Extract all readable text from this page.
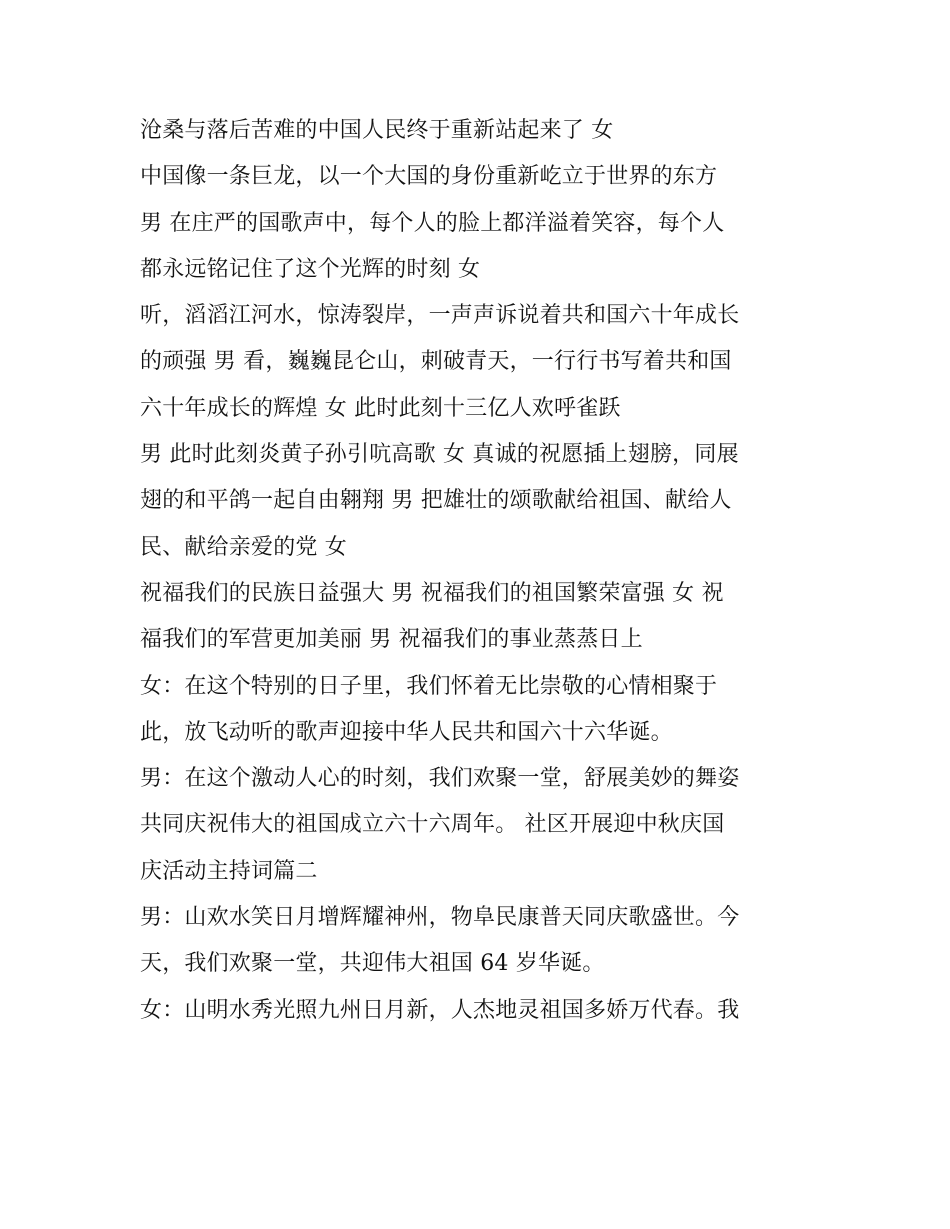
沧桑与落后苦难的中国人民终于重新站起来了 女
中国像一条巨龙，以一个大国的身份重新屹立于世界的东方
男 在庄严的国歌声中，每个人的脸上都洋溢着笑容，每个人
都永远铭记住了这个光辉的时刻 女
听，滔滔江河水，惊涛裂岸，一声声诉说着共和国六十年成长
的顽强 男 看，巍巍昆仑山，刺破青天，一行行书写着共和国
六十年成长的辉煌 女 此时此刻十三亿人欢呼雀跃
男 此时此刻炎黄子孙引吭高歌 女 真诚的祝愿插上翅膀，同展
翅的和平鸽一起自由翱翔 男 把雄壮的颂歌献给祖国、献给人
民、献给亲爱的党 女
祝福我们的民族日益强大 男 祝福我们的祖国繁荣富强 女 祝
福我们的军营更加美丽 男 祝福我们的事业蒸蒸日上
女：在这个特别的日子里，我们怀着无比崇敬的心情相聚于
此，放飞动听的歌声迎接中华人民共和国六十六华诞。
男：在这个激动人心的时刻，我们欢聚一堂，舒展美妙的舞姿
共同庆祝伟大的祖国成立六十六周年。 社区开展迎中秋庆国
庆活动主持词篇二
男：山欢水笑日月增辉耀神州，物阜民康普天同庆歌盛世。今
天，我们欢聚一堂，共迎伟大祖国 64 岁华诞。
女：山明水秀光照九州日月新，人杰地灵祖国多娇万代春。我
